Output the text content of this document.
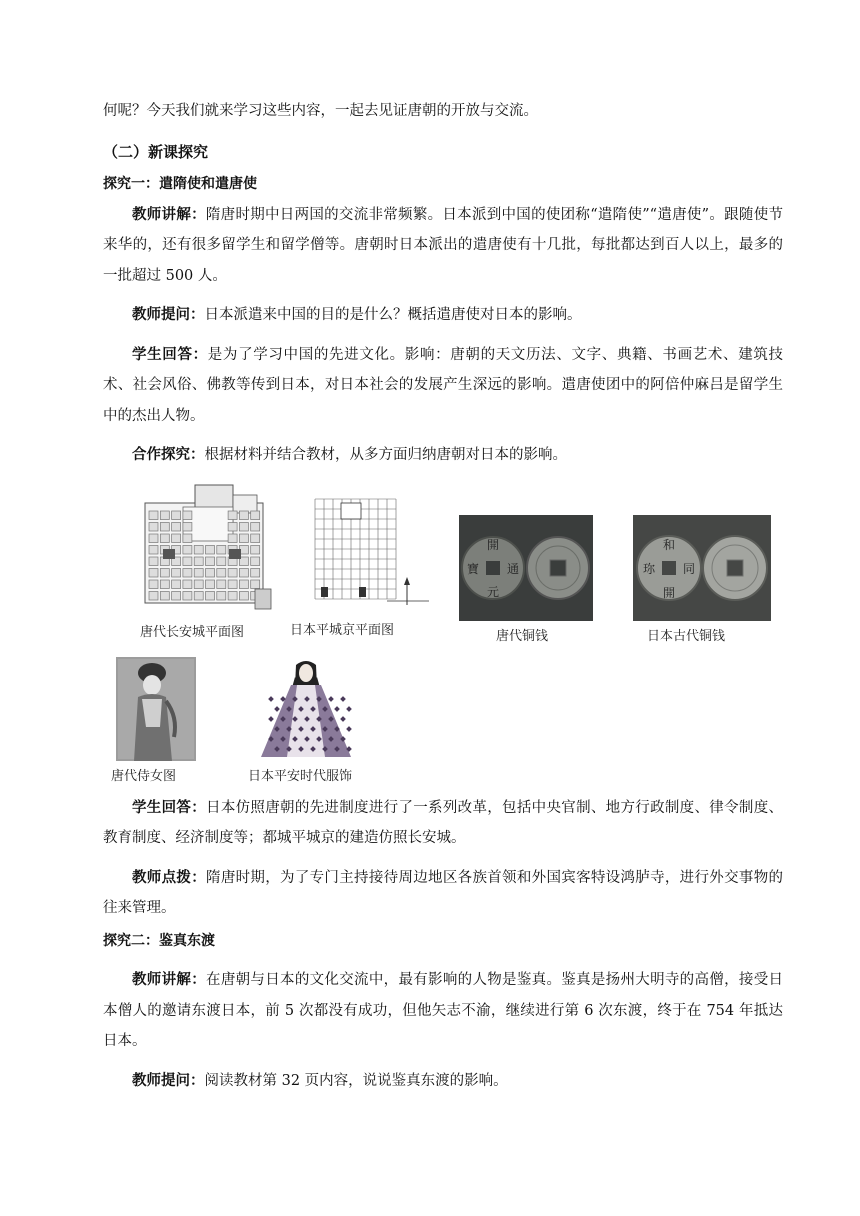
何呢？今天我们就来学习这些内容，一起去见证唐朝的开放与交流。

（二）新课探究

探究一：遣隋使和遣唐使

教师讲解：隋唐时期中日两国的交流非常频繁。日本派到中国的使团称“遣隋使”“遣唐使”。跟随使节来华的，还有很多留学生和留学僧等。唐朝时日本派出的遣唐使有十几批，每批都达到百人以上，最多的一批超过 500 人。

教师提问：日本派遣来中国的目的是什么？概括遣唐使对日本的影响。

学生回答：是为了学习中国的先进文化。影响：唐朝的天文历法、文字、典籍、书画艺术、建筑技术、社会风俗、佛教等传到日本，对日本社会的发展产生深远的影响。遣唐使团中的阿倍仲麻吕是留学生中的杰出人物。

合作探究：根据材料并结合教材，从多方面归纳唐朝对日本的影响。

唐代长安城平面图	日本平城京平面图
開
元
通
寶
唐代铜钱
和
同
開
珎
日本古代铜钱
唐代侍女图	日本平安时代服饰

学生回答：日本仿照唐朝的先进制度进行了一系列改革，包括中央官制、地方行政制度、律令制度、教育制度、经济制度等；都城平城京的建造仿照长安城。

教师点拨：隋唐时期，为了专门主持接待周边地区各族首领和外国宾客特设鸿胪寺，进行外交事物的往来管理。

探究二：鉴真东渡

教师讲解：在唐朝与日本的文化交流中，最有影响的人物是鉴真。鉴真是扬州大明寺的高僧，接受日本僧人的邀请东渡日本，前 5 次都没有成功，但他矢志不渝，继续进行第 6 次东渡，终于在 754 年抵达日本。

教师提问：阅读教材第 32 页内容，说说鉴真东渡的影响。
